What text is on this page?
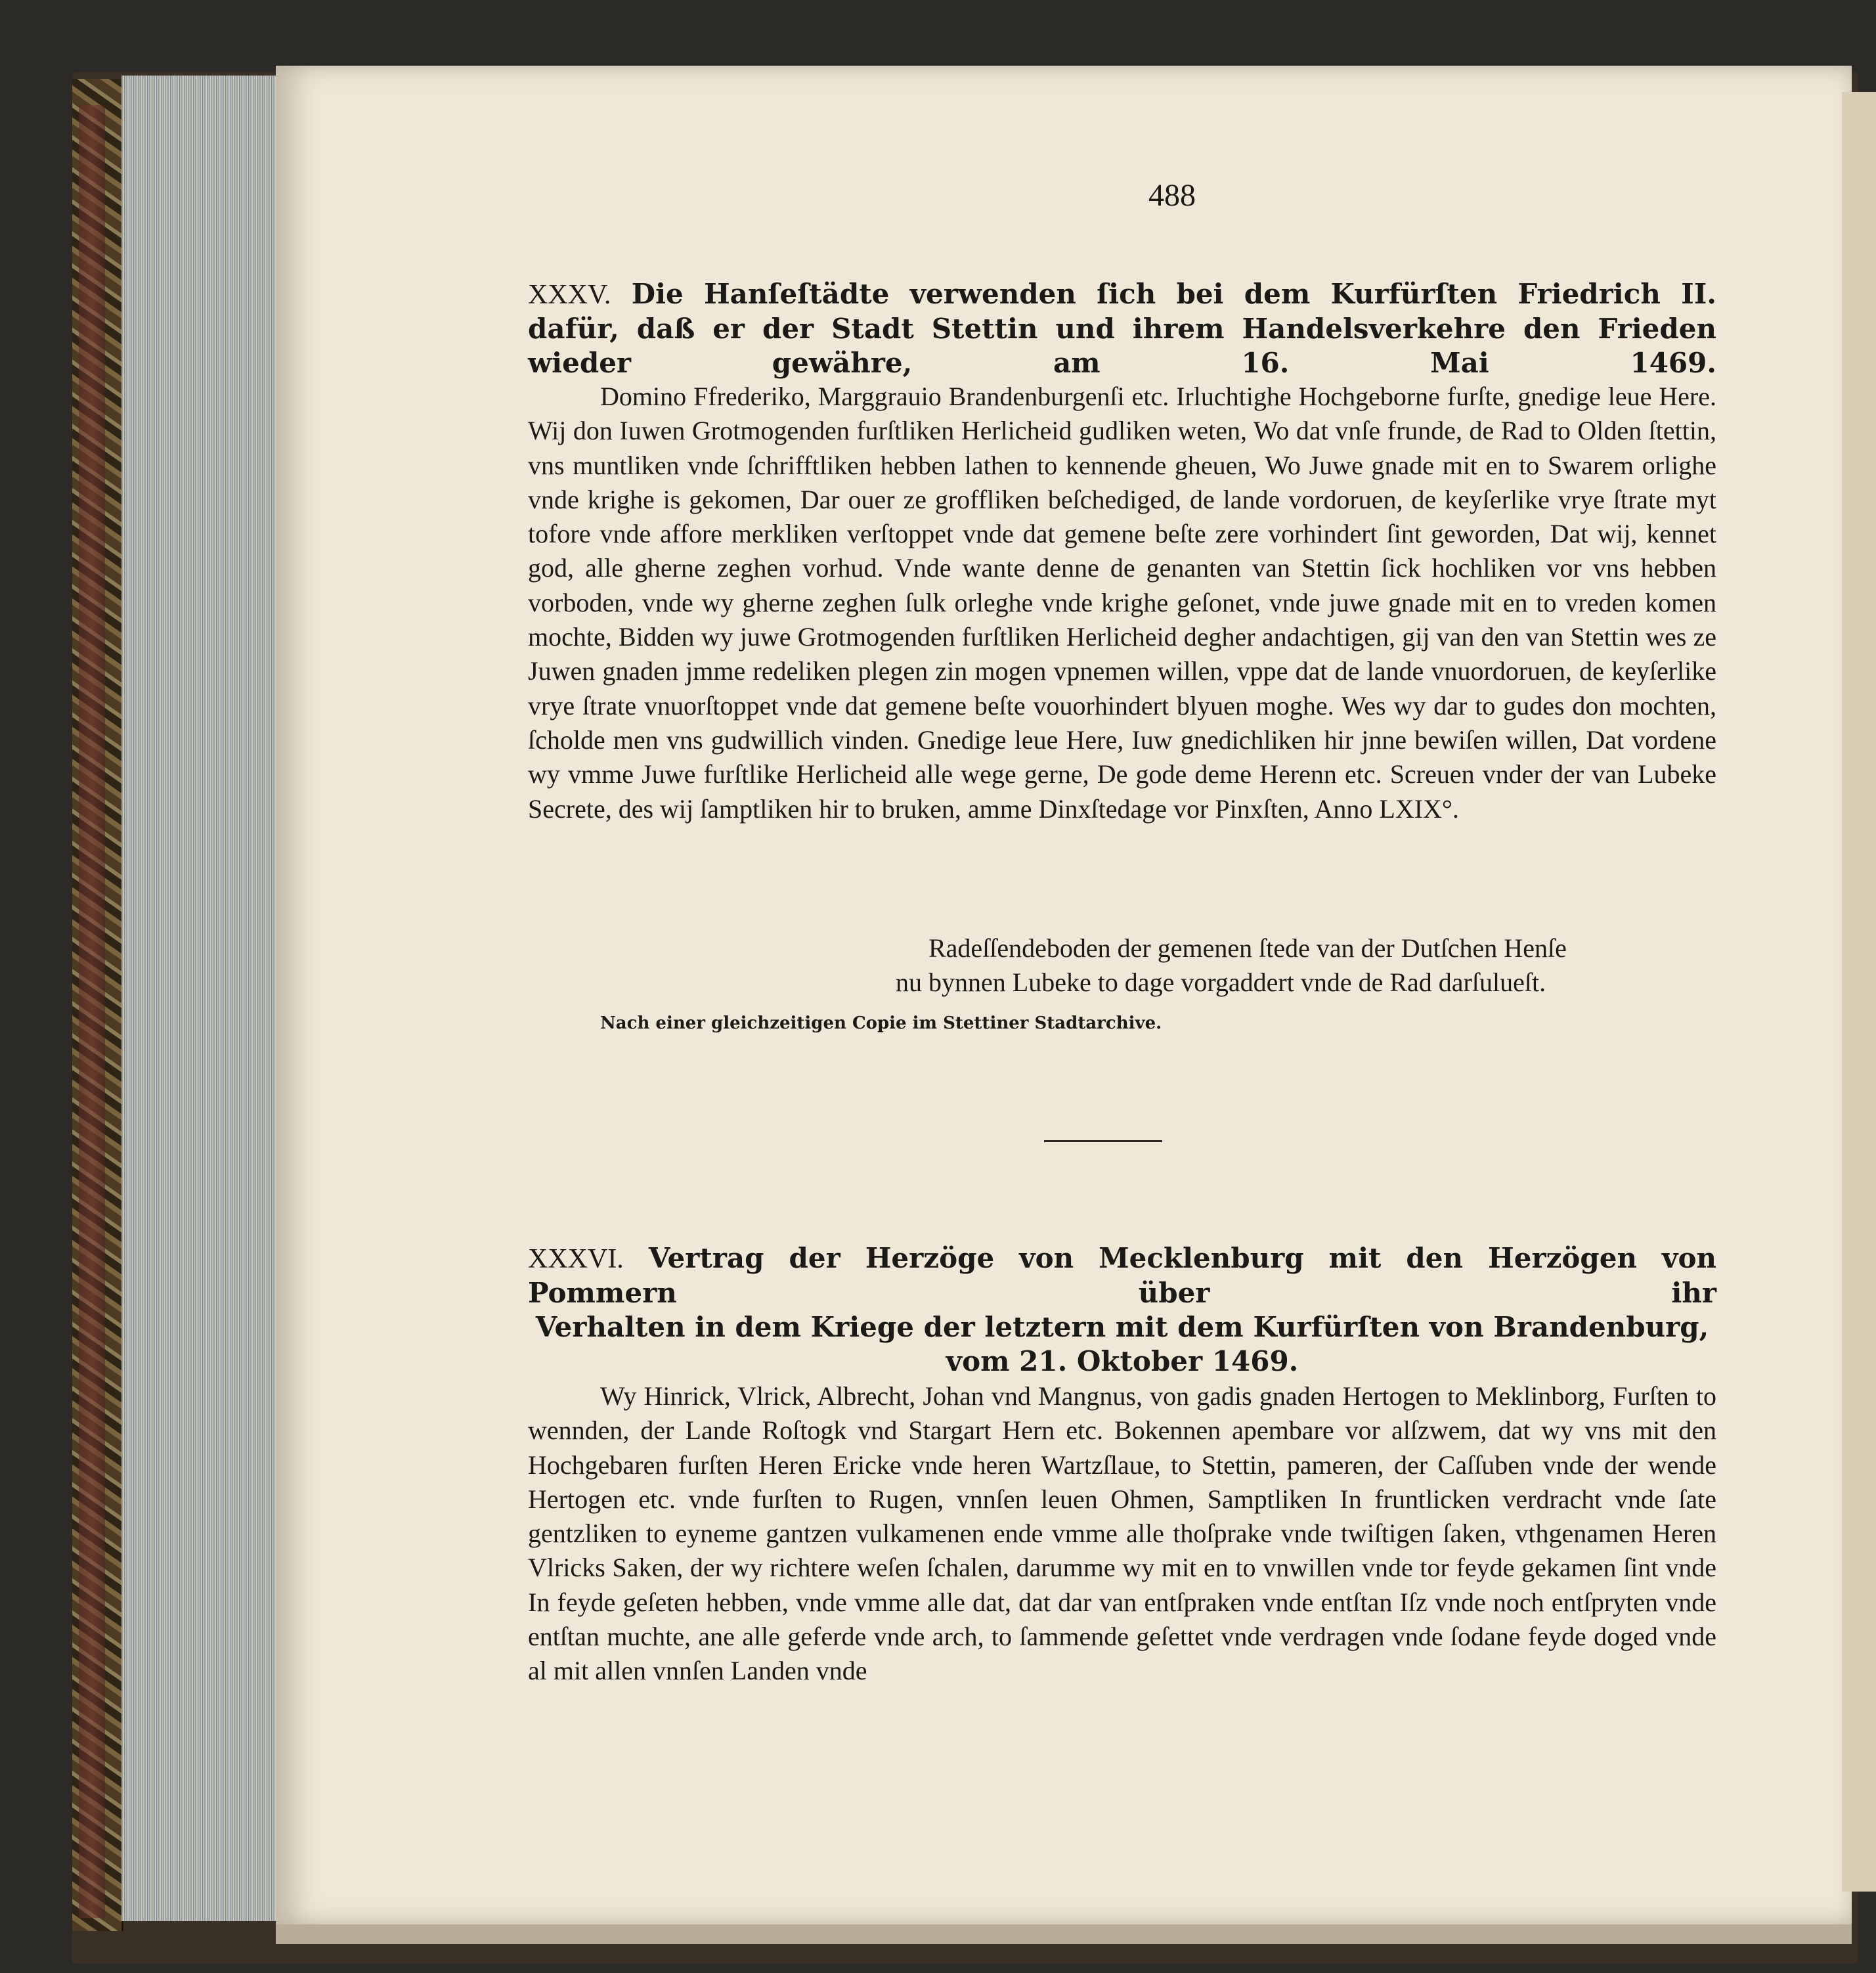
488
XXXV. Die Hanſeſtädte verwenden ſich bei dem Kurfürſten Friedrich II. dafür, daß er der Stadt Stettin und ihrem Handelsverkehre den Frieden wieder gewähre, am 16. Mai 1469.
Domino Ffrederiko, Marggrauio Brandenburgenſi etc. Irluchtighe Hochgeborne furſte, gnedige leue Here. Wij don Iuwen Grotmogenden furſtliken Herlicheid gudliken weten, Wo dat vnſe frunde, de Rad to Olden ſtettin, vns muntliken vnde ſchrifftliken hebben lathen to kennende gheuen, Wo Juwe gnade mit en to Swarem orlighe vnde krighe is gekomen, Dar ouer ze groffliken beſchediged, de lande vordoruen, de keyſerlike vrye ſtrate myt tofore vnde affore merkliken verſtoppet vnde dat gemene beſte zere vorhindert ſint geworden, Dat wij, kennet god, alle gherne zeghen vorhud. Vnde wante denne de genanten van Stettin ſick hochliken vor vns hebben vorboden, vnde wy gherne zeghen ſulk orleghe vnde krighe geſonet, vnde juwe gnade mit en to vreden komen mochte, Bidden wy juwe Grotmogenden furſtliken Herlicheid degher andachtigen, gij van den van Stettin wes ze Juwen gnaden jmme redeliken plegen zin mogen vpnemen willen, vppe dat de lande vnuordoruen, de keyſerlike vrye ſtrate vnuorſtoppet vnde dat gemene beſte vouorhindert blyuen moghe. Wes wy dar to gudes don mochten, ſcholde men vns gudwillich vinden. Gnedige leue Here, Iuw gnedichliken hir jnne bewiſen willen, Dat vordene wy vmme Juwe furſtlike Herlicheid alle wege gerne, De gode deme Herenn etc. Screuen vnder der van Lubeke Secrete, des wij ſamptliken hir to bruken, amme Dinxſtedage vor Pinxſten, Anno LXIX°.
Radeſſendeboden der gemenen ſtede van der Dutſchen Henſe
nu bynnen Lubeke to dage vorgaddert vnde de Rad darſulueſt.
Nach einer gleichzeitigen Copie im Stettiner Stadtarchive.
XXXVI. Vertrag der Herzöge von Mecklenburg mit den Herzögen von Pommern über ihr
Verhalten in dem Kriege der letztern mit dem Kurfürſten von Brandenburg,
vom 21. Oktober 1469.
Wy Hinrick, Vlrick, Albrecht, Johan vnd Mangnus, von gadis gnaden Hertogen to Meklinborg, Furſten to wennden, der Lande Roſtogk vnd Stargart Hern etc. Bokennen apembare vor alſzwem, dat wy vns mit den Hochgebaren furſten Heren Ericke vnde heren Wartzſlaue, to Stettin, pameren, der Caſſuben vnde der wende Hertogen etc. vnde furſten to Rugen, vnnſen leuen Ohmen, Samptliken In fruntlicken verdracht vnde ſate gentzliken to eyneme gantzen vulkamenen ende vmme alle thoſprake vnde twiſtigen ſaken, vthgenamen Heren Vlricks Saken, der wy richtere weſen ſchalen, darumme wy mit en to vnwillen vnde tor feyde gekamen ſint vnde In feyde geſeten hebben, vnde vmme alle dat, dat dar van entſpraken vnde entſtan Iſz vnde noch entſpryten vnde entſtan muchte, ane alle geferde vnde arch, to ſammende geſettet vnde verdragen vnde ſodane feyde doged vnde al mit allen vnnſen Landen vnde
